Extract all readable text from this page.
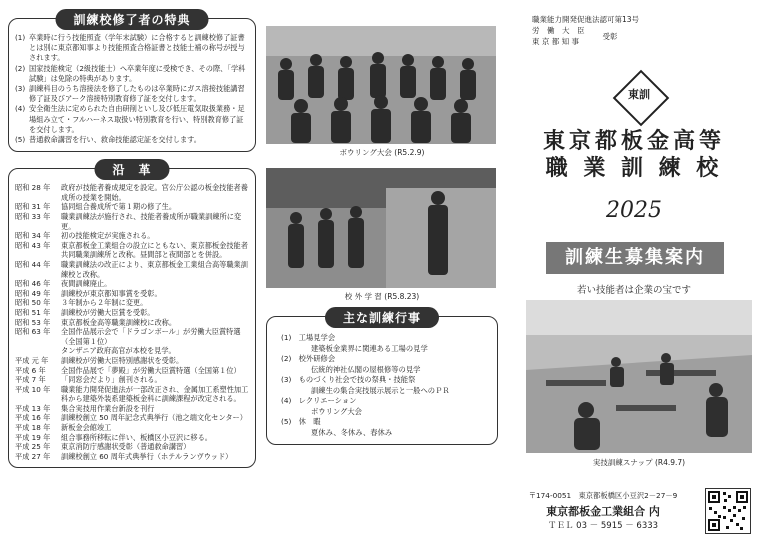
訓練校修了者の特典
(1) 卒業時に行う技能照査（学年末試験）に合格すると訓練校修了証書とは別に東京都知事より技能照査合格証書と技能士補の称号が授与されます。
(2) 国家技能検定（2級技能士）へ卒業年度に受検でき、その際、「学科試験」は免除の特典があります。
(3) 訓練科目のうち溶接法を修了したものは卒業時にガス溶接技能講習修了証及びアーク溶接特別教育修了証を交付します。
(4) 安全衛生法に定められた自由研削といし及び低圧電気取扱業務・足場組み立て・フルハーネス取扱い特別教育を行い、特別教育修了証を交付します。
(5) 普通救命講習を行い、救命技能認定証を交付します。
沿　革
昭和 28 年	政府が技能者養成規定を設定。官公庁公認の板金技能者養成所の授業を開始。
昭和 31 年	協同組合養成所で第１期の修了生。
昭和 33 年	職業訓練法が施行され、技能者養成所が職業訓練所に変更。
昭和 34 年	初の技能検定が実施される。
昭和 43 年	東京都板金工業組合の設立にともない、東京都板金技能者共同職業訓練所と改称。昼間部と夜間部とを併設。
昭和 44 年	職業訓練法の改正により、東京都板金工業組合高等職業訓練校と改称。
昭和 46 年	夜間訓練廃止。
昭和 49 年	訓練校が東京都知事賞を受彰。
昭和 50 年	３年制から２年制に変更。
昭和 51 年	訓練校が労働大臣賞を受彰。
昭和 53 年	東京都板金高等職業訓練校に改称。
昭和 63 年	全国作品展示会で「ドラゴンボール」が労働大臣賞特選（全国第１位）
タンザニア政府高官が本校を見学。
平成 元 年	訓練校が労働大臣特別感謝状を受彰。
平成 6 年	全国作品展で「夢殿」が労働大臣賞特選（全国第１位）
平成 7 年	「同窓会だより」創刊される。
平成 10 年	職業能力開発促進法が一部改正され、金属加工系塑性加工科から建築外装系建築板金科に訓練課程が改定される。
平成 13 年	集合実技用作業台新設を刊行
平成 16 年	訓練校創立 50 周年記念式典挙行（池之端文化センター）
平成 18 年	新板金会館竣工
平成 19 年	組合事務所移転に伴い、板橋区小豆沢に移る。
平成 25 年	東京消防庁感謝状受彰（普通救命講習）
平成 27 年	訓練校創立 60 周年式典挙行（ホテルランヴウッド）
ボウリング大会 (R5.2.9)
校 外 学 習 (R5.8.23)
主な訓練行事
(1)　 工場見学会
建築板金業界に関連ある工場の見学
(2)　 校外研修会
伝統的神社仏閣の屋根修等の見学
(3)　 ものづくり社会で技の祭典・技能祭
訓練生の集合実技展示展示と一般へのＰＲ
(4)　 レクリエーション
ボウリング大会
(5)　 休　暇
夏休み、冬休み、春休み
職業能力開発促進法認可第13号
労　働　大　臣
東 京 都 知 事
受彰
東訓
東京都板金高等
職 業 訓 練 校
2025
訓練生募集案内
若い技能者は企業の宝です
実技訓練スナップ (R4.9.7)
〒174-0051　東京都板橋区小豆沢2－27－9
東京都板金工業組合 内
ＴＥＬ 03 － 5915 － 6333
